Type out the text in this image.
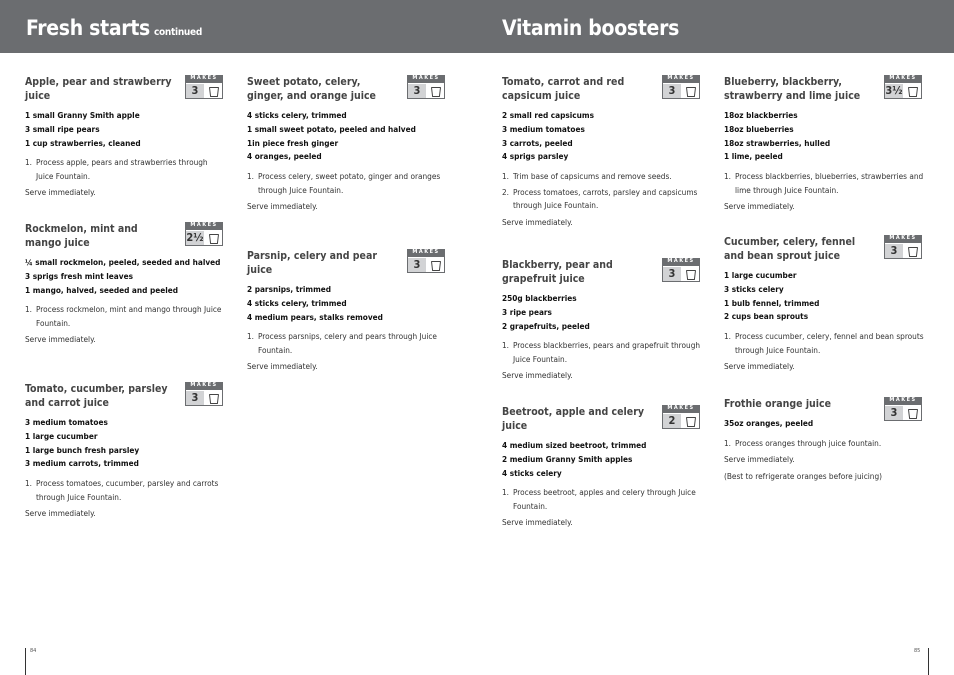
Fresh starts continued	Vitamin boosters
Apple, pear and strawberry juice
MAKES
3
1 small Granny Smith apple
3 small ripe pears
1 cup strawberries, cleaned
1. Process apple, pears and strawberries through Juice Fountain.
Serve immediately.
Rockmelon, mint and mango juice
MAKES
2½
¼ small rockmelon, peeled, seeded and halved
3 sprigs fresh mint leaves
1 mango, halved, seeded and peeled
1. Process rockmelon, mint and mango through Juice Fountain.
Serve immediately.
Tomato, cucumber, parsley and carrot juice
MAKES
3
3 medium tomatoes
1 large cucumber
1 large bunch fresh parsley
3 medium carrots, trimmed
1. Process tomatoes, cucumber, parsley and carrots through Juice Fountain.
Serve immediately.
Sweet potato, celery, ginger, and orange juice
MAKES
3
4 sticks celery, trimmed
1 small sweet potato, peeled and halved
1in piece fresh ginger
4 oranges, peeled
1. Process celery, sweet potato, ginger and oranges through Juice Fountain.
Serve immediately.
Parsnip, celery and pear juice
MAKES
3
2 parsnips, trimmed
4 sticks celery, trimmed
4 medium pears, stalks removed
1. Process parsnips, celery and pears through Juice Fountain.
Serve immediately.
Tomato, carrot and red capsicum juice
MAKES
3
2 small red capsicums
3 medium tomatoes
3 carrots, peeled
4 sprigs parsley
1. Trim base of capsicums and remove seeds.
2. Process tomatoes, carrots, parsley and capsicums through Juice Fountain.
Serve immediately.
Blackberry, pear and grapefruit juice
MAKES
3
250g blackberries
3 ripe pears
2 grapefruits, peeled
1. Process blackberries, pears and grapefruit through Juice Fountain.
Serve immediately.
Beetroot, apple and celery juice
MAKES
2
4 medium sized beetroot, trimmed
2 medium Granny Smith apples
4 sticks celery
1. Process beetroot, apples and celery through Juice Fountain.
Serve immediately.
Blueberry, blackberry, strawberry and lime juice
MAKES
3½
18oz blackberries
18oz blueberries
18oz strawberries, hulled
1 lime, peeled
1. Process blackberries, blueberries, strawberries and lime through Juice Fountain.
Serve immediately.
Cucumber, celery, fennel and bean sprout juice
MAKES
3
1 large cucumber
3 sticks celery
1 bulb fennel, trimmed
2 cups bean sprouts
1. Process cucumber, celery, fennel and bean sprouts through Juice Fountain.
Serve immediately.
Frothie orange juice	MAKES
3
35oz oranges, peeled
1. Process oranges through juice fountain.
Serve immediately.
(Best to refrigerate oranges before juicing)
84	85
